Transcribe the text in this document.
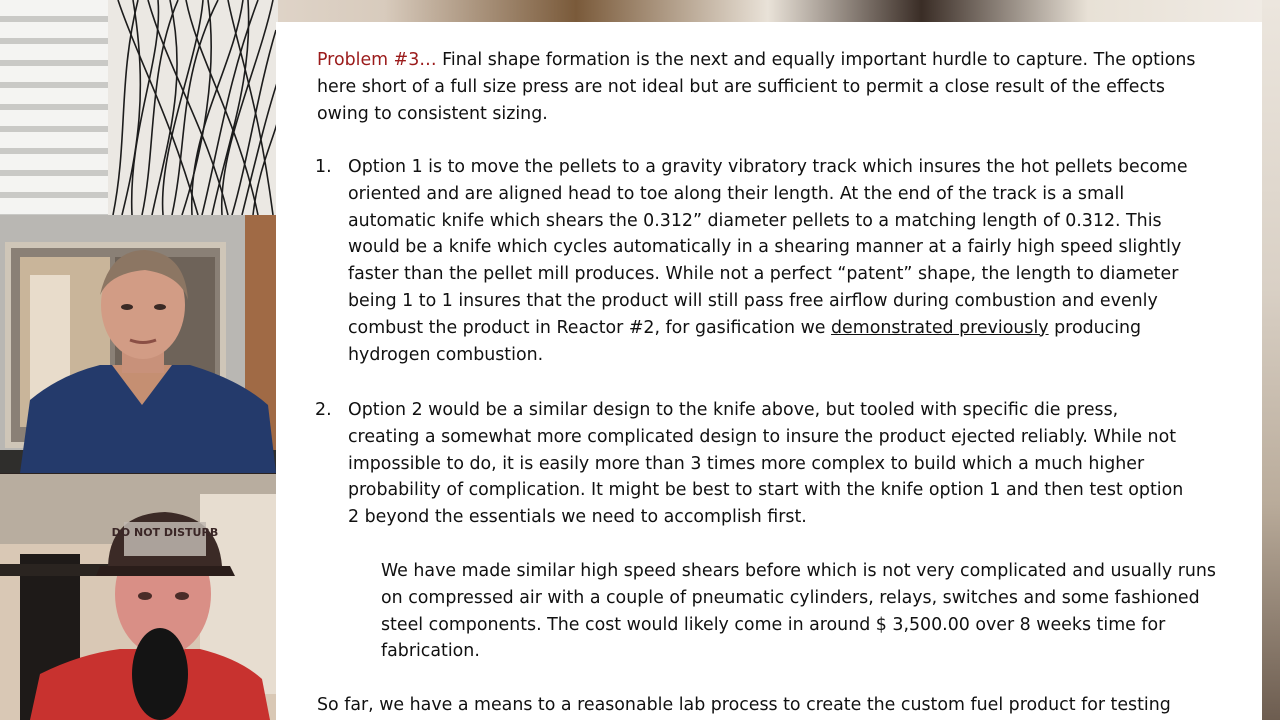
DO NOT DISTURB

Problem #3… Final shape formation is the next and equally important hurdle to capture. The options here short of a full size press are not ideal but are sufficient to permit a close result of the effects owing to consistent sizing.

1. Option 1 is to move the pellets to a gravity vibratory track which insures the hot pellets become oriented and are aligned head to toe along their length. At the end of the track is a small automatic knife which shears the 0.312” diameter pellets to a matching length of 0.312. This would be a knife which cycles automatically in a shearing manner at a fairly high speed slightly faster than the pellet mill produces. While not a perfect “patent” shape, the length to diameter being 1 to 1 insures that the product will still pass free airflow during combustion and evenly combust the product in Reactor #2, for gasification we demonstrated previously producing hydrogen combustion.
2. Option 2 would be a similar design to the knife above, but tooled with specific die press, creating a somewhat more complicated design to insure the product ejected reliably. While not impossible to do, it is easily more than 3 times more complex to build which a much higher probability of complication. It might be best to start with the knife option 1 and then test option 2 beyond the essentials we need to accomplish first.
We have made similar high speed shears before which is not very complicated and usually runs on compressed air with a couple of pneumatic cylinders, relays, switches and some fashioned steel components. The cost would likely come in around $ 3,500.00 over 8 weeks time for fabrication.
So far, we have a means to a reasonable lab process to create the custom fuel product for testing
